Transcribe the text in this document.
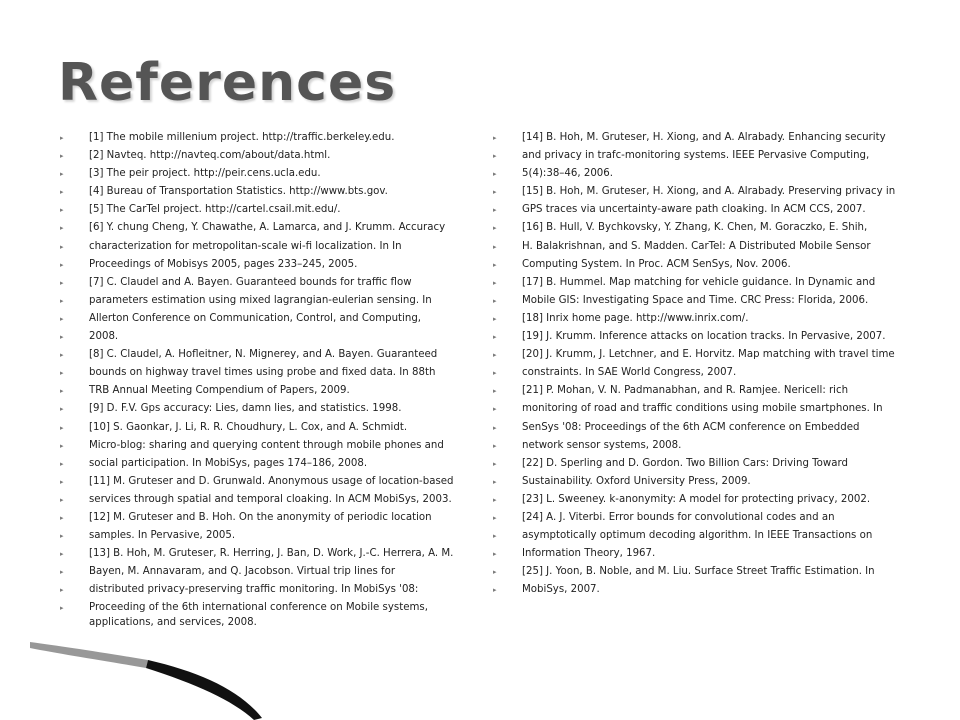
References
▸	[1] The mobile millenium project. http://traffic.berkeley.edu.
▸	[2] Navteq. http://navteq.com/about/data.html.
▸	[3] The peir project. http://peir.cens.ucla.edu.
▸	[4] Bureau of Transportation Statistics. http://www.bts.gov.
▸	[5] The CarTel project. http://cartel.csail.mit.edu/.
▸	[6] Y. chung Cheng, Y. Chawathe, A. Lamarca, and J. Krumm. Accuracy
▸	characterization for metropolitan-scale wi-fi localization. In In
▸	Proceedings of Mobisys 2005, pages 233–245, 2005.
▸	[7] C. Claudel and A. Bayen. Guaranteed bounds for traffic flow
▸	parameters estimation using mixed lagrangian-eulerian sensing. In
▸	Allerton Conference on Communication, Control, and Computing,
▸	2008.
▸	[8] C. Claudel, A. Hofleitner, N. Mignerey, and A. Bayen. Guaranteed
▸	bounds on highway travel times using probe and fixed data. In 88th
▸	TRB Annual Meeting Compendium of Papers, 2009.
▸	[9] D. F.V. Gps accuracy: Lies, damn lies, and statistics. 1998.
▸	[10] S. Gaonkar, J. Li, R. R. Choudhury, L. Cox, and A. Schmidt.
▸	Micro-blog: sharing and querying content through mobile phones and
▸	social participation. In MobiSys, pages 174–186, 2008.
▸	[11] M. Gruteser and D. Grunwald. Anonymous usage of location-based
▸	services through spatial and temporal cloaking. In ACM MobiSys, 2003.
▸	[12] M. Gruteser and B. Hoh. On the anonymity of periodic location
▸	samples. In Pervasive, 2005.
▸	[13] B. Hoh, M. Gruteser, R. Herring, J. Ban, D. Work, J.-C. Herrera, A. M.
▸	Bayen, M. Annavaram, and Q. Jacobson. Virtual trip lines for
▸	distributed privacy-preserving traffic monitoring. In MobiSys '08:
▸	Proceeding of the 6th international conference on Mobile systems,
applications, and services, 2008.
▸	[14] B. Hoh, M. Gruteser, H. Xiong, and A. Alrabady. Enhancing security
▸	and privacy in trafc-monitoring systems. IEEE Pervasive Computing,
▸	5(4):38–46, 2006.
▸	[15] B. Hoh, M. Gruteser, H. Xiong, and A. Alrabady. Preserving privacy in
▸	GPS traces via uncertainty-aware path cloaking. In ACM CCS, 2007.
▸	[16] B. Hull, V. Bychkovsky, Y. Zhang, K. Chen, M. Goraczko, E. Shih,
▸	H. Balakrishnan, and S. Madden. CarTel: A Distributed Mobile Sensor
▸	Computing System. In Proc. ACM SenSys, Nov. 2006.
▸	[17] B. Hummel. Map matching for vehicle guidance. In Dynamic and
▸	Mobile GIS: Investigating Space and Time. CRC Press: Florida, 2006.
▸	[18] Inrix home page. http://www.inrix.com/.
▸	[19] J. Krumm. Inference attacks on location tracks. In Pervasive, 2007.
▸	[20] J. Krumm, J. Letchner, and E. Horvitz. Map matching with travel time
▸	constraints. In SAE World Congress, 2007.
▸	[21] P. Mohan, V. N. Padmanabhan, and R. Ramjee. Nericell: rich
▸	monitoring of road and traffic conditions using mobile smartphones. In
▸	SenSys '08: Proceedings of the 6th ACM conference on Embedded
▸	network sensor systems, 2008.
▸	[22] D. Sperling and D. Gordon. Two Billion Cars: Driving Toward
▸	Sustainability. Oxford University Press, 2009.
▸	[23] L. Sweeney. k-anonymity: A model for protecting privacy, 2002.
▸	[24] A. J. Viterbi. Error bounds for convolutional codes and an
▸	asymptotically optimum decoding algorithm. In IEEE Transactions on
▸	Information Theory, 1967.
▸	[25] J. Yoon, B. Noble, and M. Liu. Surface Street Traffic Estimation. In
▸	MobiSys, 2007.
